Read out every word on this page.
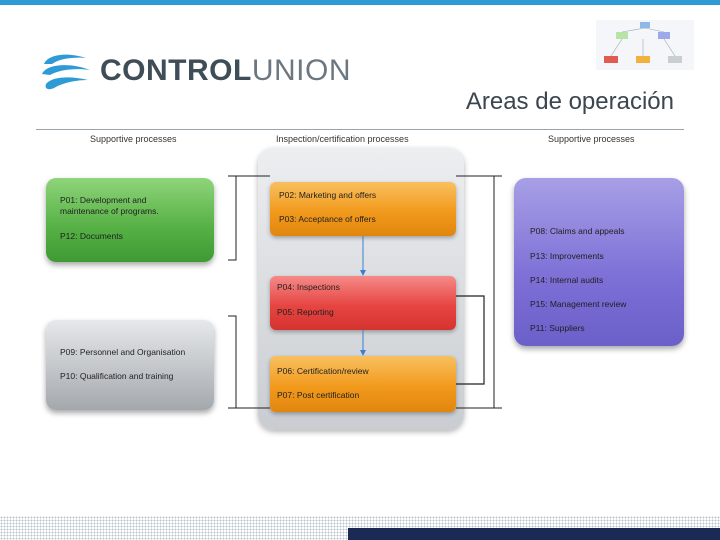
CONTROLUNION
Areas de operación
Supportive processes	Inspection/certification processes	Supportive processes
P01: Development and
maintenance of programs.
P12: Documents
P09: Personnel and Organisation
P10: Qualification and training
P02: Marketing and offers
P03: Acceptance of offers
P04: Inspections
P05: Reporting
P06: Certification/review
P07: Post certification
P08: Claims and appeals
P13: Improvements
P14: Internal audits
P15: Management review
P11: Suppliers
